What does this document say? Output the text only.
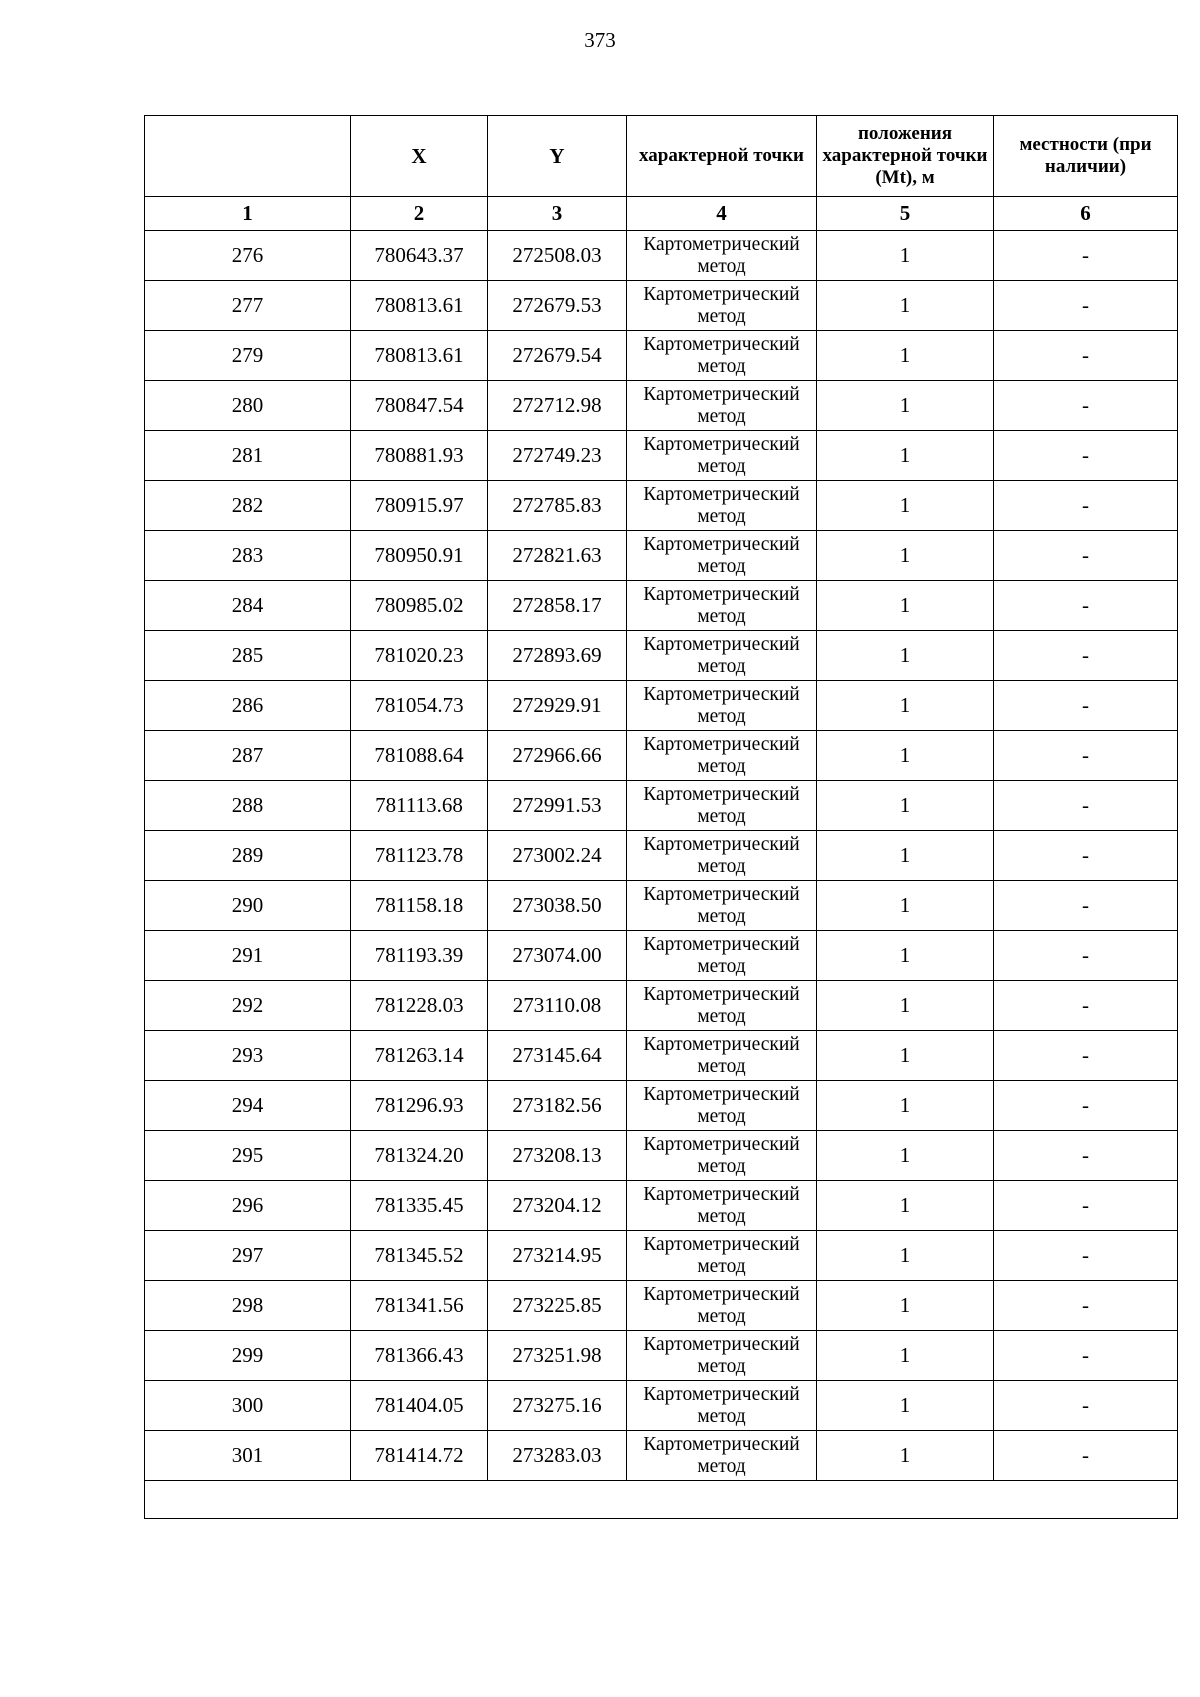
373
	X	Y	характерной точки	положения характерной точки (Mt), м	местности (при наличии)
1	2	3	4	5	6
276	780643.37	272508.03	Картометрический метод	1	-
277	780813.61	272679.53	Картометрический метод	1	-
279	780813.61	272679.54	Картометрический метод	1	-
280	780847.54	272712.98	Картометрический метод	1	-
281	780881.93	272749.23	Картометрический метод	1	-
282	780915.97	272785.83	Картометрический метод	1	-
283	780950.91	272821.63	Картометрический метод	1	-
284	780985.02	272858.17	Картометрический метод	1	-
285	781020.23	272893.69	Картометрический метод	1	-
286	781054.73	272929.91	Картометрический метод	1	-
287	781088.64	272966.66	Картометрический метод	1	-
288	781113.68	272991.53	Картометрический метод	1	-
289	781123.78	273002.24	Картометрический метод	1	-
290	781158.18	273038.50	Картометрический метод	1	-
291	781193.39	273074.00	Картометрический метод	1	-
292	781228.03	273110.08	Картометрический метод	1	-
293	781263.14	273145.64	Картометрический метод	1	-
294	781296.93	273182.56	Картометрический метод	1	-
295	781324.20	273208.13	Картометрический метод	1	-
296	781335.45	273204.12	Картометрический метод	1	-
297	781345.52	273214.95	Картометрический метод	1	-
298	781341.56	273225.85	Картометрический метод	1	-
299	781366.43	273251.98	Картометрический метод	1	-
300	781404.05	273275.16	Картометрический метод	1	-
301	781414.72	273283.03	Картометрический метод	1	-
